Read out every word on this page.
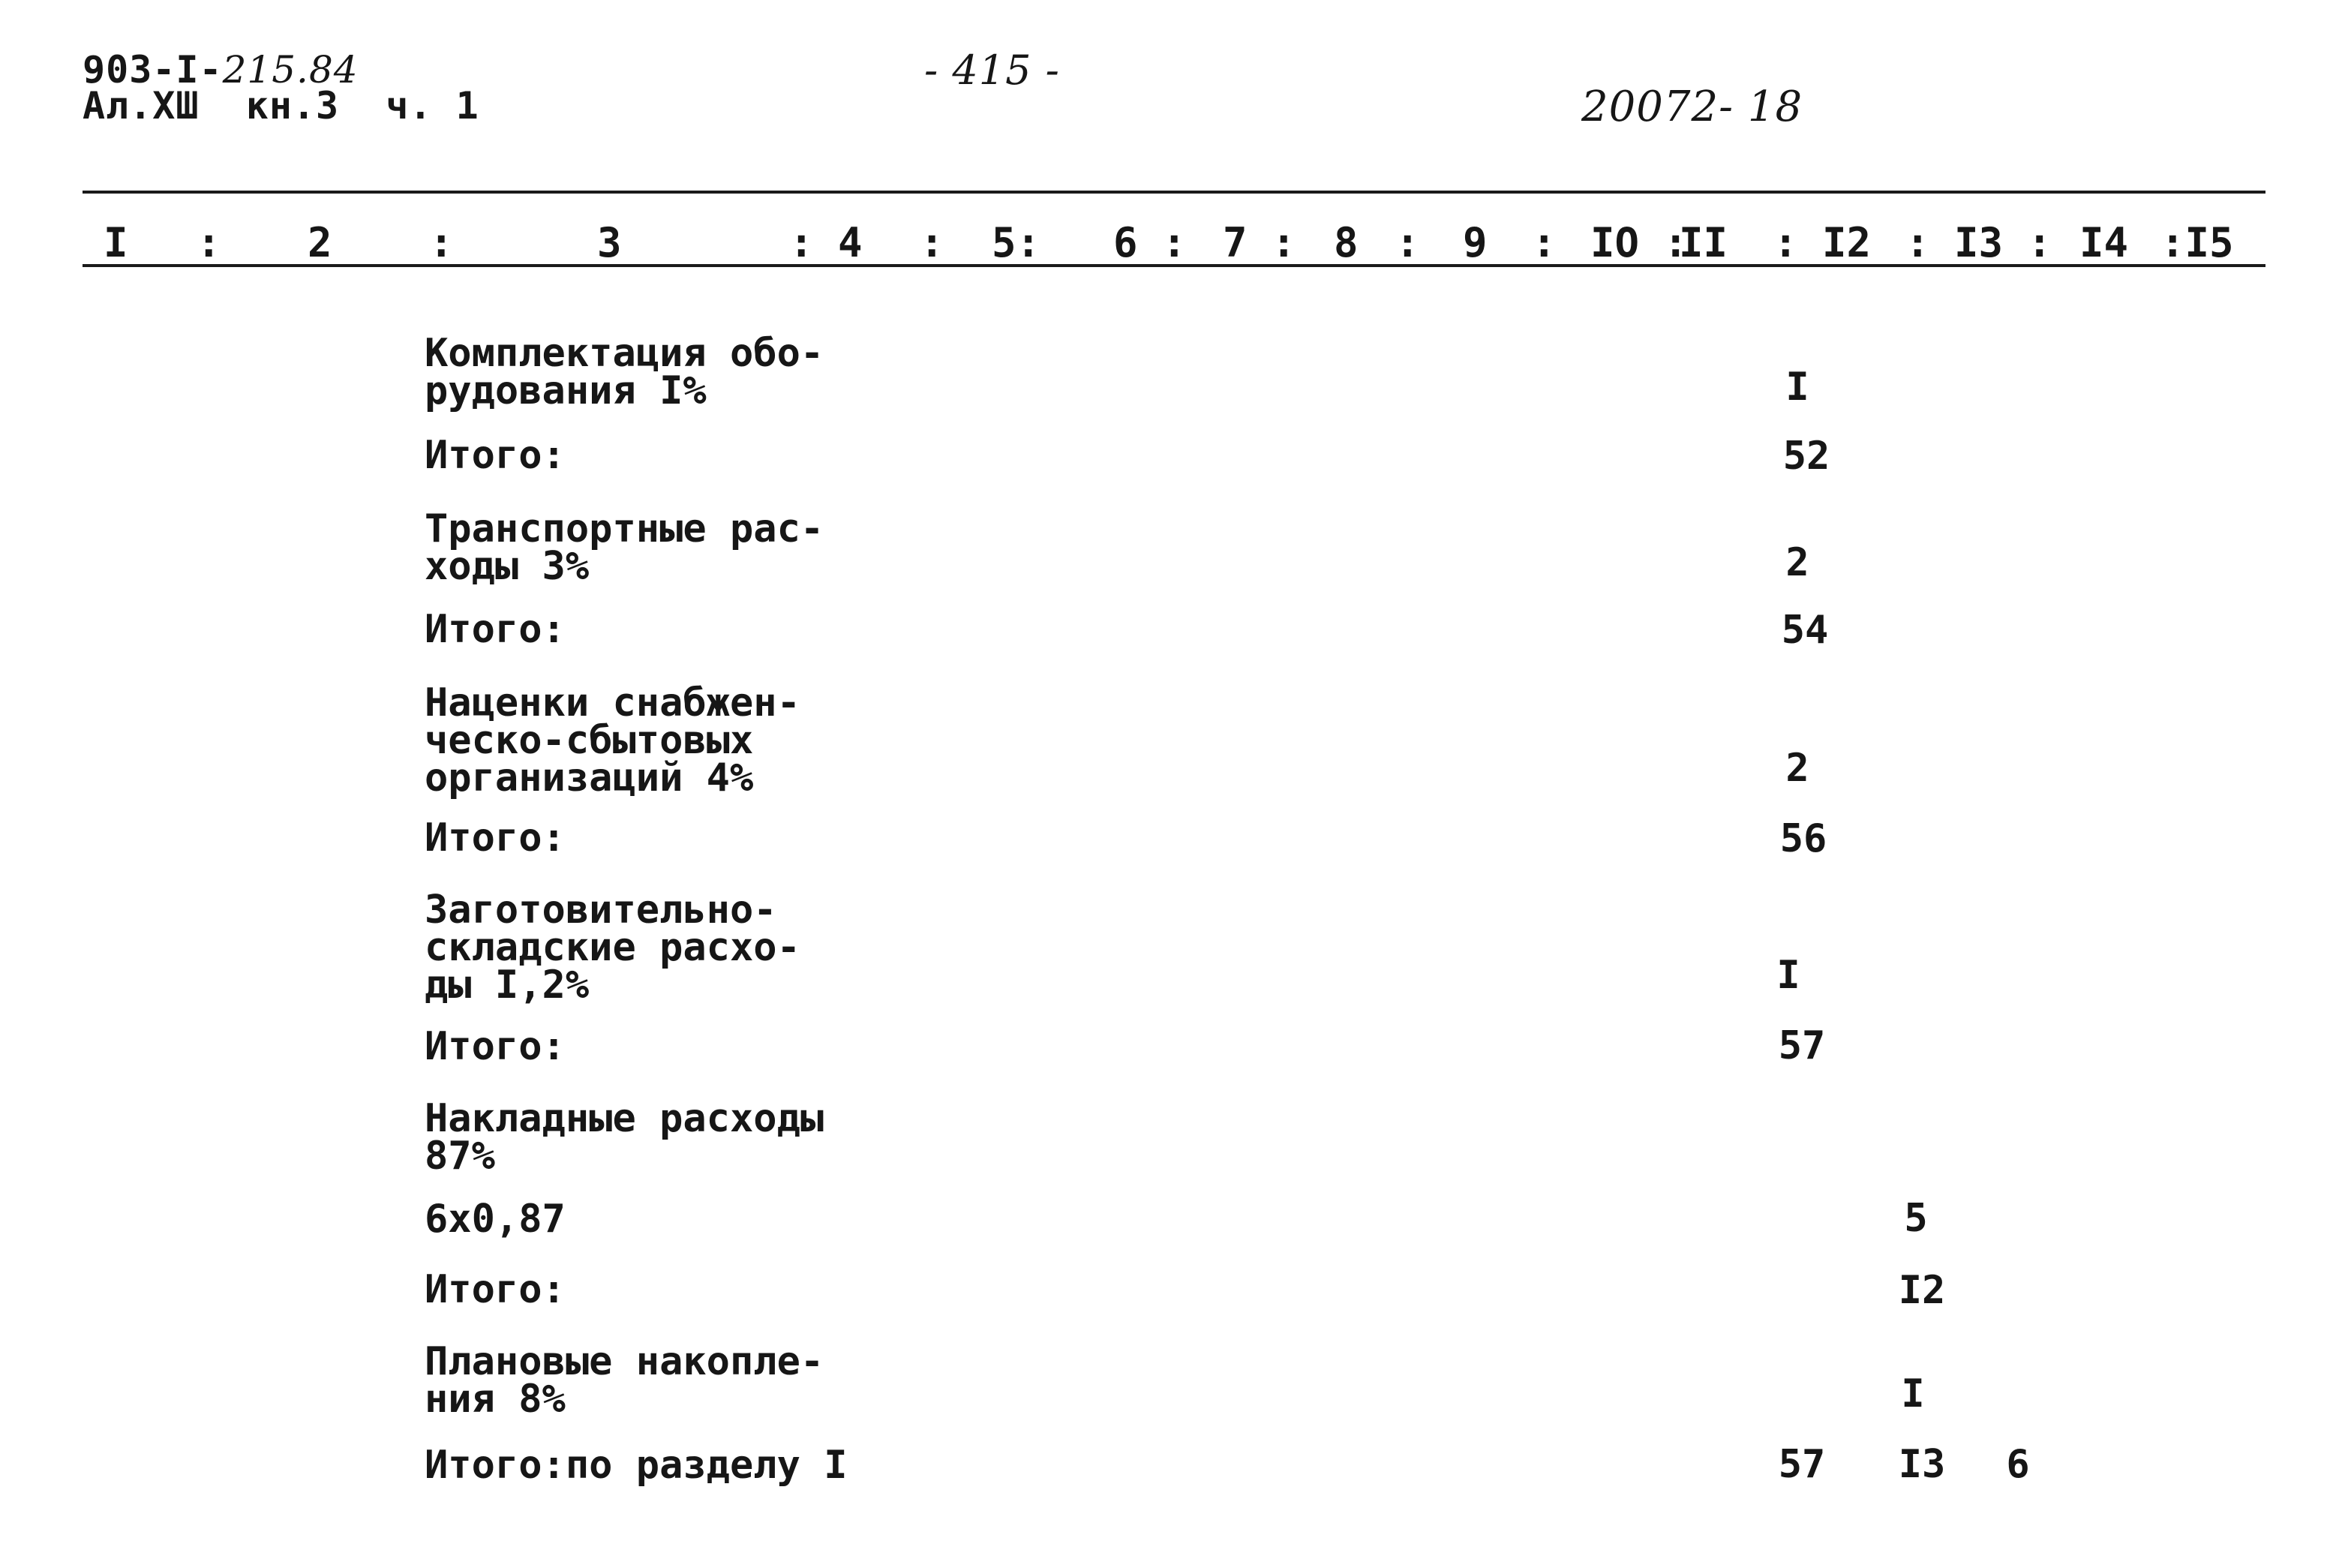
903-I-215.84
Ал.ХШ  кн.3  ч. 1
- 415 -
20072- 18
I : 2 :	3	: 4 : 5: 6 : 7 : 8 : 9 : IO :
II : I2 : I3 : I4 :I5
Комплектация обо-
рудования I%	I
Итого:	52
Транспортные рас-
ходы 3%	2
Итого:	54
Наценки снабжен-
ческо-сбытовых
организаций 4%	2
Итого:	56
Заготовительно-
складские расхо-
ды I,2%	I
Итого:	57
Накладные расходы
87%
6х0,87	5
Итого:	I2
Плановые накопле-
ния 8%	I
Итого:по разделу I	57	I3	6
